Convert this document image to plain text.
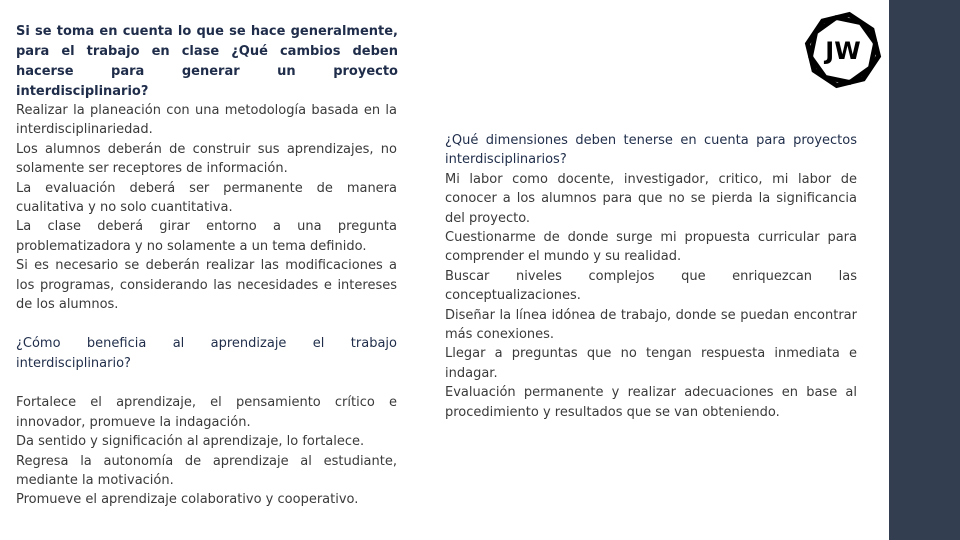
Si se toma en cuenta lo que se hace generalmente, para el trabajo en clase ¿Qué cambios deben hacerse para generar un proyecto interdisciplinario?
JW

Realizar la planeación con una metodología basada en la interdisciplinariedad.

Los alumnos deberán de construir sus aprendizajes, no solamente ser receptores de información.

La evaluación deberá ser permanente de manera cualitativa y no solo cuantitativa.

La clase deberá girar entorno a una pregunta problematizadora y no solamente a un tema definido.

Si es necesario se deberán realizar las modificaciones a los programas, considerando las necesidades e intereses de los alumnos.

¿Cómo beneficia al aprendizaje el trabajo interdisciplinario?

Fortalece el aprendizaje, el pensamiento crítico e innovador, promueve la indagación.

Da sentido y significación al aprendizaje, lo fortalece.

Regresa la autonomía de aprendizaje al estudiante, mediante la motivación.

Promueve el aprendizaje colaborativo y cooperativo.

¿Qué dimensiones deben tenerse en cuenta para proyectos interdisciplinarios?

Mi labor como docente, investigador, critico, mi labor de conocer a los alumnos para que no se pierda la significancia del proyecto.

Cuestionarme de donde surge mi propuesta curricular para comprender el mundo y su realidad.

Buscar niveles complejos que enriquezcan las conceptualizaciones.

Diseñar la línea idónea de trabajo, donde se puedan encontrar más conexiones.

Llegar a preguntas que no tengan respuesta inmediata e indagar.

Evaluación permanente y realizar adecuaciones en base al procedimiento y resultados que se van obteniendo.
